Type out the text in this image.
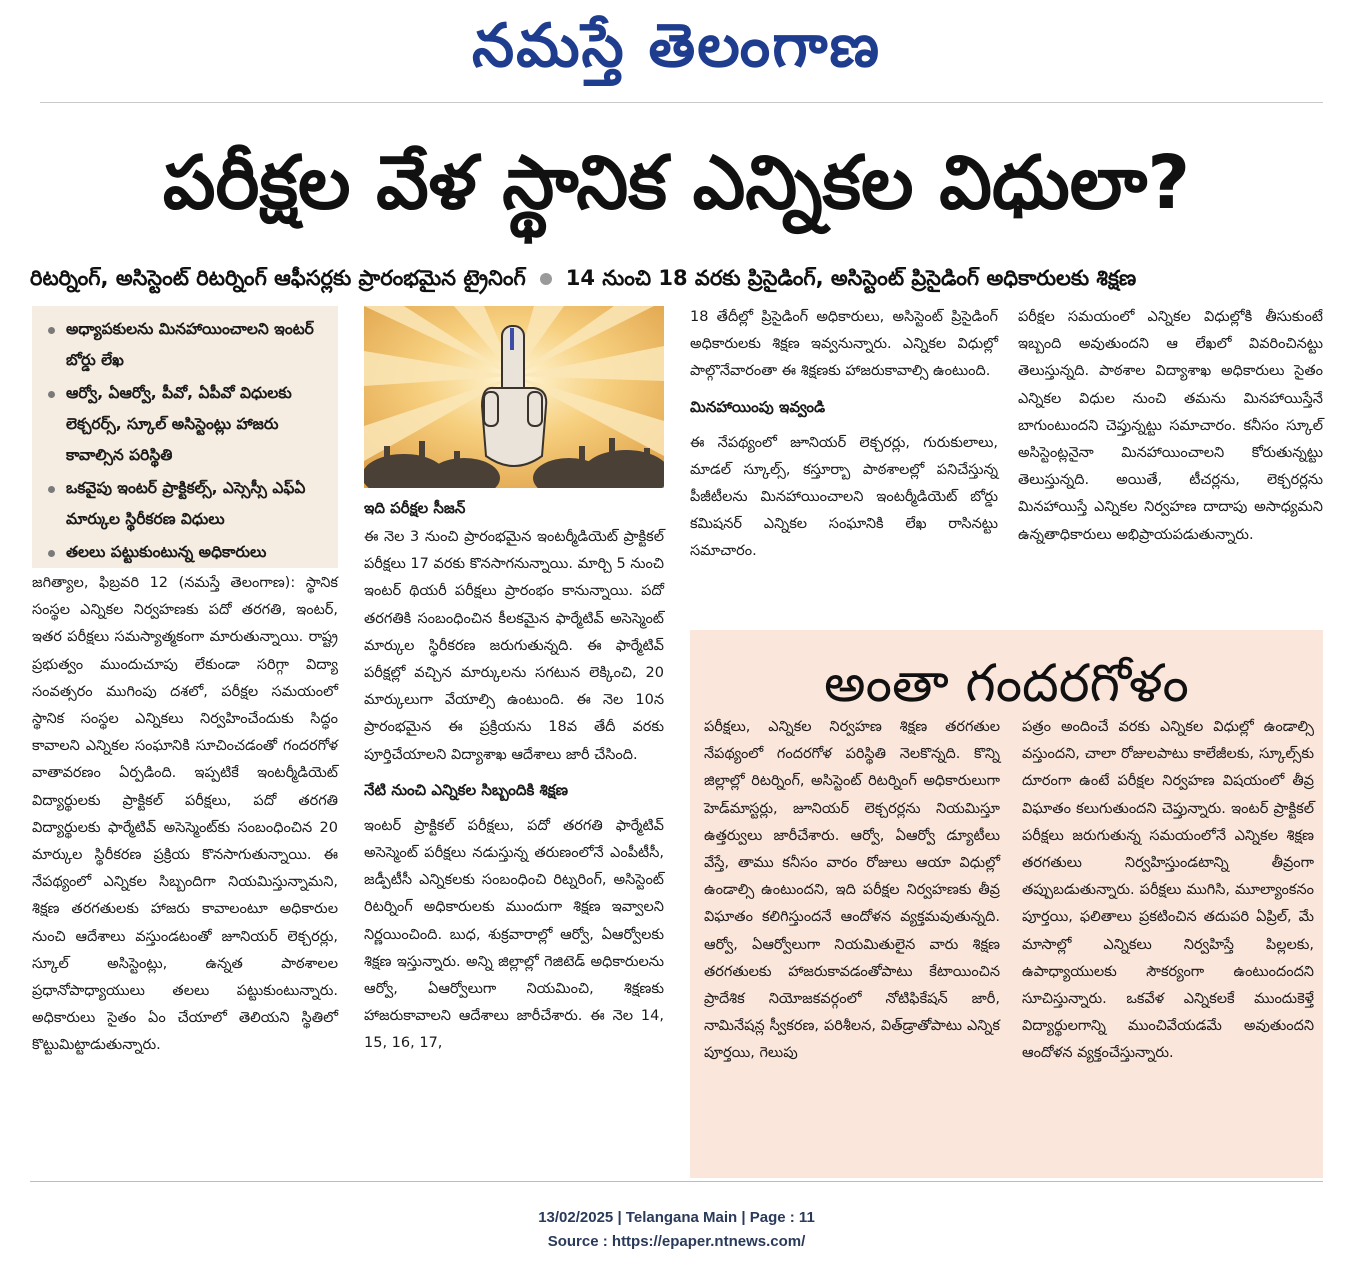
నమస్తే తెలంగాణ
పరీక్షల వేళ స్థానిక ఎన్నికల విధులా?
రిటర్నింగ్‌, అసిస్టెంట్‌ రిటర్నింగ్‌ ఆఫీసర్లకు ప్రారంభమైన ట్రైనింగ్‌ 14 నుంచి 18 వరకు ప్రిసైడింగ్‌, అసిస్టెంట్‌ ప్రిసైడింగ్‌ అధికారులకు శిక్షణ
అధ్యాపకులను మినహాయించాలని ఇంటర్‌ బోర్డు లేఖ
ఆర్వో, ఏఆర్వో, పీవో, ఏపీవో విధులకు లెక్చరర్స్‌, స్కూల్‌ అసిస్టెంట్లు హాజరు కావాల్సిన పరిస్థితి
ఒకవైపు ఇంటర్‌ ప్రాక్టికల్స్‌, ఎస్సెస్సీ ఎఫ్‌ఏ మార్కుల స్థిరీకరణ విధులు
తలలు పట్టుకుంటున్న అధికారులు

జగిత్యాల, ఫిబ్రవరి 12 (నమస్తే తెలంగాణ): స్థానిక సంస్థల ఎన్నికల నిర్వహణకు పదో తరగతి, ఇంటర్‌, ఇతర పరీక్షలు సమస్యాత్మకంగా మారుతున్నాయి. రాష్ట్ర ప్రభుత్వం ముందుచూపు లేకుండా సరిగ్గా విద్యా సంవత్సరం ముగింపు దశలో, పరీక్షల సమయంలో స్థానిక సంస్థల ఎన్నికలు నిర్వహించేందుకు సిద్ధం కావాలని ఎన్నికల సంఘానికి సూచించడంతో గందరగోళ వాతావరణం ఏర్పడింది. ఇప్పటికే ఇంటర్మీడియెట్‌ విద్యార్థులకు ప్రాక్టికల్‌ పరీక్షలు, పదో తరగతి విద్యార్థులకు ఫార్మేటివ్‌ అసెస్మెంట్‌కు సంబంధించిన 20 మార్కుల స్థిరీకరణ ప్రక్రియ కొనసాగుతున్నాయి. ఈ నేపథ్యంలో ఎన్నికల సిబ్బందిగా నియమిస్తున్నామని, శిక్షణ తరగతులకు హాజరు కావాలంటూ అధికారుల నుంచి ఆదేశాలు వస్తుండటంతో జూనియర్‌ లెక్చరర్లు, స్కూల్‌ అసిస్టెంట్లు, ఉన్నత పాఠశాలల ప్రధానోపాధ్యాయులు తలలు పట్టుకుంటున్నారు. అధికారులు సైతం ఏం చేయాలో తెలియని స్థితిలో కొట్టుమిట్టాడుతున్నారు.

ఇది పరీక్షల సీజన్‌

ఈ నెల 3 నుంచి ప్రారంభమైన ఇంటర్మీడియెట్‌ ప్రాక్టికల్‌ పరీక్షలు 17 వరకు కొనసాగనున్నాయి. మార్చి 5 నుంచి ఇంటర్‌ థియరీ పరీక్షలు ప్రారంభం కానున్నాయి. పదో తరగతికి సంబంధించిన కీలకమైన ఫార్మేటివ్‌ అసెస్మెంట్‌ మార్కుల స్థిరీకరణ జరుగుతున్నది. ఈ ఫార్మేటివ్‌ పరీక్షల్లో వచ్చిన మార్కులను సగటున లెక్కించి, 20 మార్కులుగా వేయాల్సి ఉంటుంది. ఈ నెల 10న ప్రారంభమైన ఈ ప్రక్రియను 18వ తేదీ వరకు పూర్తిచేయాలని విద్యాశాఖ ఆదేశాలు జారీ చేసింది.

నేటి నుంచి ఎన్నికల సిబ్బందికి శిక్షణ

ఇంటర్‌ ప్రాక్టికల్‌ పరీక్షలు, పదో తరగతి ఫార్మేటివ్‌ అసెస్మెంట్‌ పరీక్షలు నడుస్తున్న తరుణంలోనే ఎంపీటీసీ, జడ్పీటీసీ ఎన్నికలకు సంబంధించి రిట్నరింగ్‌, అసిస్టెంట్‌ రిటర్నింగ్‌ అధికారులకు ముందుగా శిక్షణ ఇవ్వాలని నిర్ణయించింది. బుధ, శుక్రవారాల్లో ఆర్వో, ఏఆర్వోలకు శిక్షణ ఇస్తున్నారు. అన్ని జిల్లాల్లో గెజిటెడ్‌ అధికారులను ఆర్వో, ఏఆర్వోలుగా నియమించి, శిక్షణకు హాజరుకావాలని ఆదేశాలు జారీచేశారు. ఈ నెల 14, 15, 16, 17,

18 తేదీల్లో ప్రిసైడింగ్‌ అధికారులు, అసిస్టెంట్‌ ప్రిసైడింగ్‌ అధికారులకు శిక్షణ ఇవ్వనున్నారు. ఎన్నికల విధుల్లో పాల్గొనేవారంతా ఈ శిక్షణకు హాజరుకావాల్సి ఉంటుంది.

మినహాయింపు ఇవ్వండి

ఈ నేపథ్యంలో జూనియర్‌ లెక్చరర్లు, గురుకులాలు, మాడల్‌ స్కూల్స్‌, కస్తూర్బా పాఠశాలల్లో పనిచేస్తున్న పీజీటీలను మినహాయించాలని ఇంటర్మీడియెట్‌ బోర్డు కమిషనర్‌ ఎన్నికల సంఘానికి లేఖ రాసినట్టు సమాచారం.

పరీక్షల సమయంలో ఎన్నికల విధుల్లోకి తీసుకుంటే ఇబ్బంది అవుతుందని ఆ లేఖలో వివరించినట్టు తెలుస్తున్నది. పాఠశాల విద్యాశాఖ అధికారులు సైతం ఎన్నికల విధుల నుంచి తమను మినహాయిస్తేనే బాగుంటుందని చెప్తున్నట్టు సమాచారం. కనీసం స్కూల్‌ అసిస్టెంట్లనైనా మినహాయించాలని కోరుతున్నట్టు తెలుస్తున్నది. అయితే, టీచర్లను, లెక్చరర్లను మినహాయిస్తే ఎన్నికల నిర్వహణ దాదాపు అసాధ్యమని ఉన్నతాధికారులు అభిప్రాయపడుతున్నారు.

అంతా గందరగోళం

పరీక్షలు, ఎన్నికల నిర్వహణ శిక్షణ తరగతుల నేపథ్యంలో గందరగోళ పరిస్థితి నెలకొన్నది. కొన్ని జిల్లాల్లో రిటర్నింగ్‌, అసిస్టెంట్‌ రిటర్నింగ్‌ అధికారులుగా హెడ్‌మాస్టర్లు, జూనియర్‌ లెక్చరర్లను నియమిస్తూ ఉత్తర్వులు జారీచేశారు. ఆర్వో, ఏఆర్వో డ్యూటీలు వేస్తే, తాము కనీసం వారం రోజులు ఆయా విధుల్లో ఉండాల్సి ఉంటుందని, ఇది పరీక్షల నిర్వహణకు తీవ్ర విఘాతం కలిగిస్తుందనే ఆందోళన వ్యక్తమవుతున్నది. ఆర్వో, ఏఆర్వోలుగా నియమితులైన వారు శిక్షణ తరగతులకు హాజరుకావడంతోపాటు కేటాయించిన ప్రాదేశిక నియోజకవర్గంలో నోటిఫికేషన్‌ జారీ, నామినేషన్ల స్వీకరణ, పరిశీలన, విత్‌డ్రాతోపాటు ఎన్నిక పూర్తయి, గెలుపు

పత్రం అందించే వరకు ఎన్నికల విధుల్లో ఉండాల్సి వస్తుందని, చాలా రోజులపాటు కాలేజీలకు, స్కూల్స్‌కు దూరంగా ఉంటే పరీక్షల నిర్వహణ విషయంలో తీవ్ర విఘాతం కలుగుతుందని చెప్తున్నారు. ఇంటర్‌ ప్రాక్టికల్‌ పరీక్షలు జరుగుతున్న సమయంలోనే ఎన్నికల శిక్షణ తరగతులు నిర్వహిస్తుండటాన్ని తీవ్రంగా తప్పుబడుతున్నారు. పరీక్షలు ముగిసి, మూల్యాంకనం పూర్తయి, ఫలితాలు ప్రకటించిన తదుపరి ఏప్రిల్‌, మే మాసాల్లో ఎన్నికలు నిర్వహిస్తే పిల్లలకు, ఉపాధ్యాయులకు సౌకర్యంగా ఉంటుందందని సూచిస్తున్నారు. ఒకవేళ ఎన్నికలకే ముందుకెళ్తే విద్యార్థులగాన్ని ముంచివేయడమే అవుతుందని ఆందోళన వ్యక్తంచేస్తున్నారు.

13/02/2025 | Telangana Main | Page : 11
Source : https://epaper.ntnews.com/
